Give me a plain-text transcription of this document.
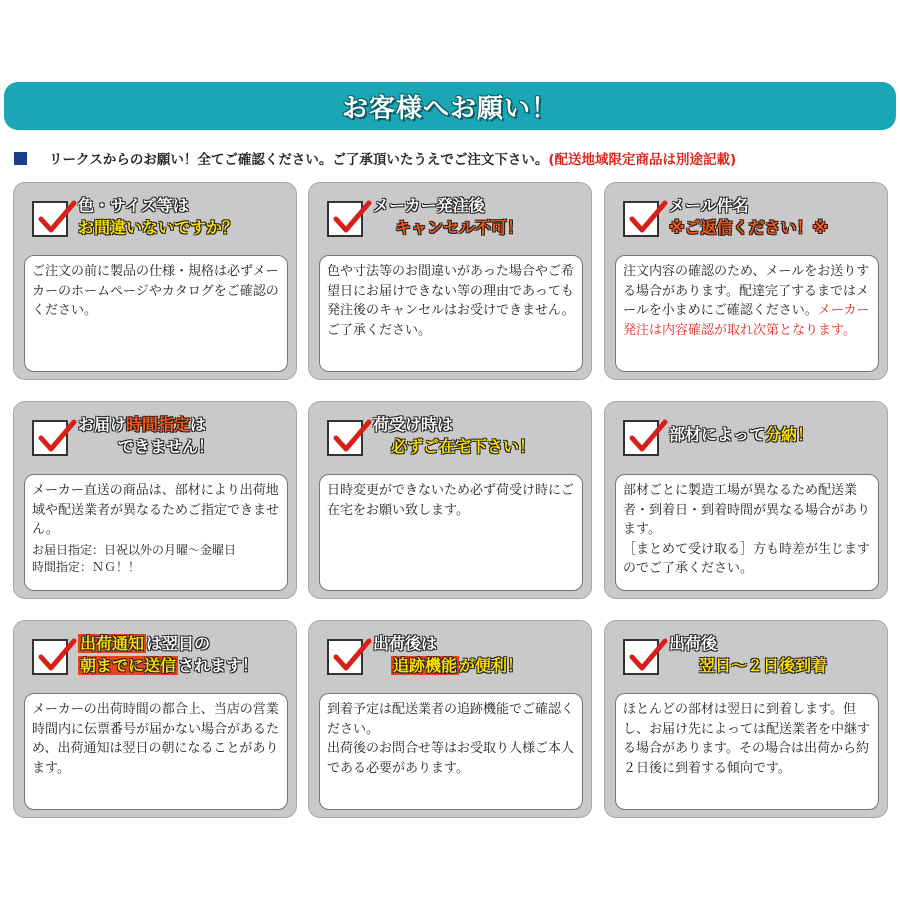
お客様へお願い！
リークスからのお願い！全てご確認ください。ご了承頂いたうえでご注文下さい。 (配送地域限定商品は別途記載)
色・サイズ等は
お間違いないですか？

ご注文の前に製品の仕様・規格は必ずメーカーのホームページやカタログをご確認のください。

メーカー発注後
キャンセル不可！

色や寸法等のお間違いがあった場合やご希望日にお届けできない等の理由であっても発注後のキャンセルはお受けできません。ご了承ください。

メール件名
※ご返信ください！※

注文内容の確認のため、メールをお送りする場合があります。配達完了するまではメールを小まめにご確認ください。メーカー発注は内容確認が取れ次第となります。

お届け時間指定は
できません！

メーカー直送の商品は、部材により出荷地域や配送業者が異なるためご指定できません。

お届日指定：日祝以外の月曜～金曜日

時間指定：ＮＧ！！

荷受け時は
必ずご在宅下さい！

日時変更ができないため必ず荷受け時にご在宅をお願い致します。

部材によって分納！

部材ごとに製造工場が異なるため配送業者・到着日・到着時間が異なる場合があります。
［まとめて受け取る］方も時差が生じますのでご了承ください。

出荷通知 は翌日の
朝までに送信 されます！

メーカーの出荷時間の都合上、当店の営業時間内に伝票番号が届かない場合があるため、出荷通知は翌日の朝になることがあります。

出荷後は
追跡機能 が便利！

到着予定は配送業者の追跡機能でご確認ください。
出荷後のお問合せ等はお受取り人様ご本人である必要があります。

出荷後
翌日～２日後到着

ほとんどの部材は翌日に到着します。但し、お届け先によっては配送業者を中継する場合があります。その場合は出荷から約２日後に到着する傾向です。
